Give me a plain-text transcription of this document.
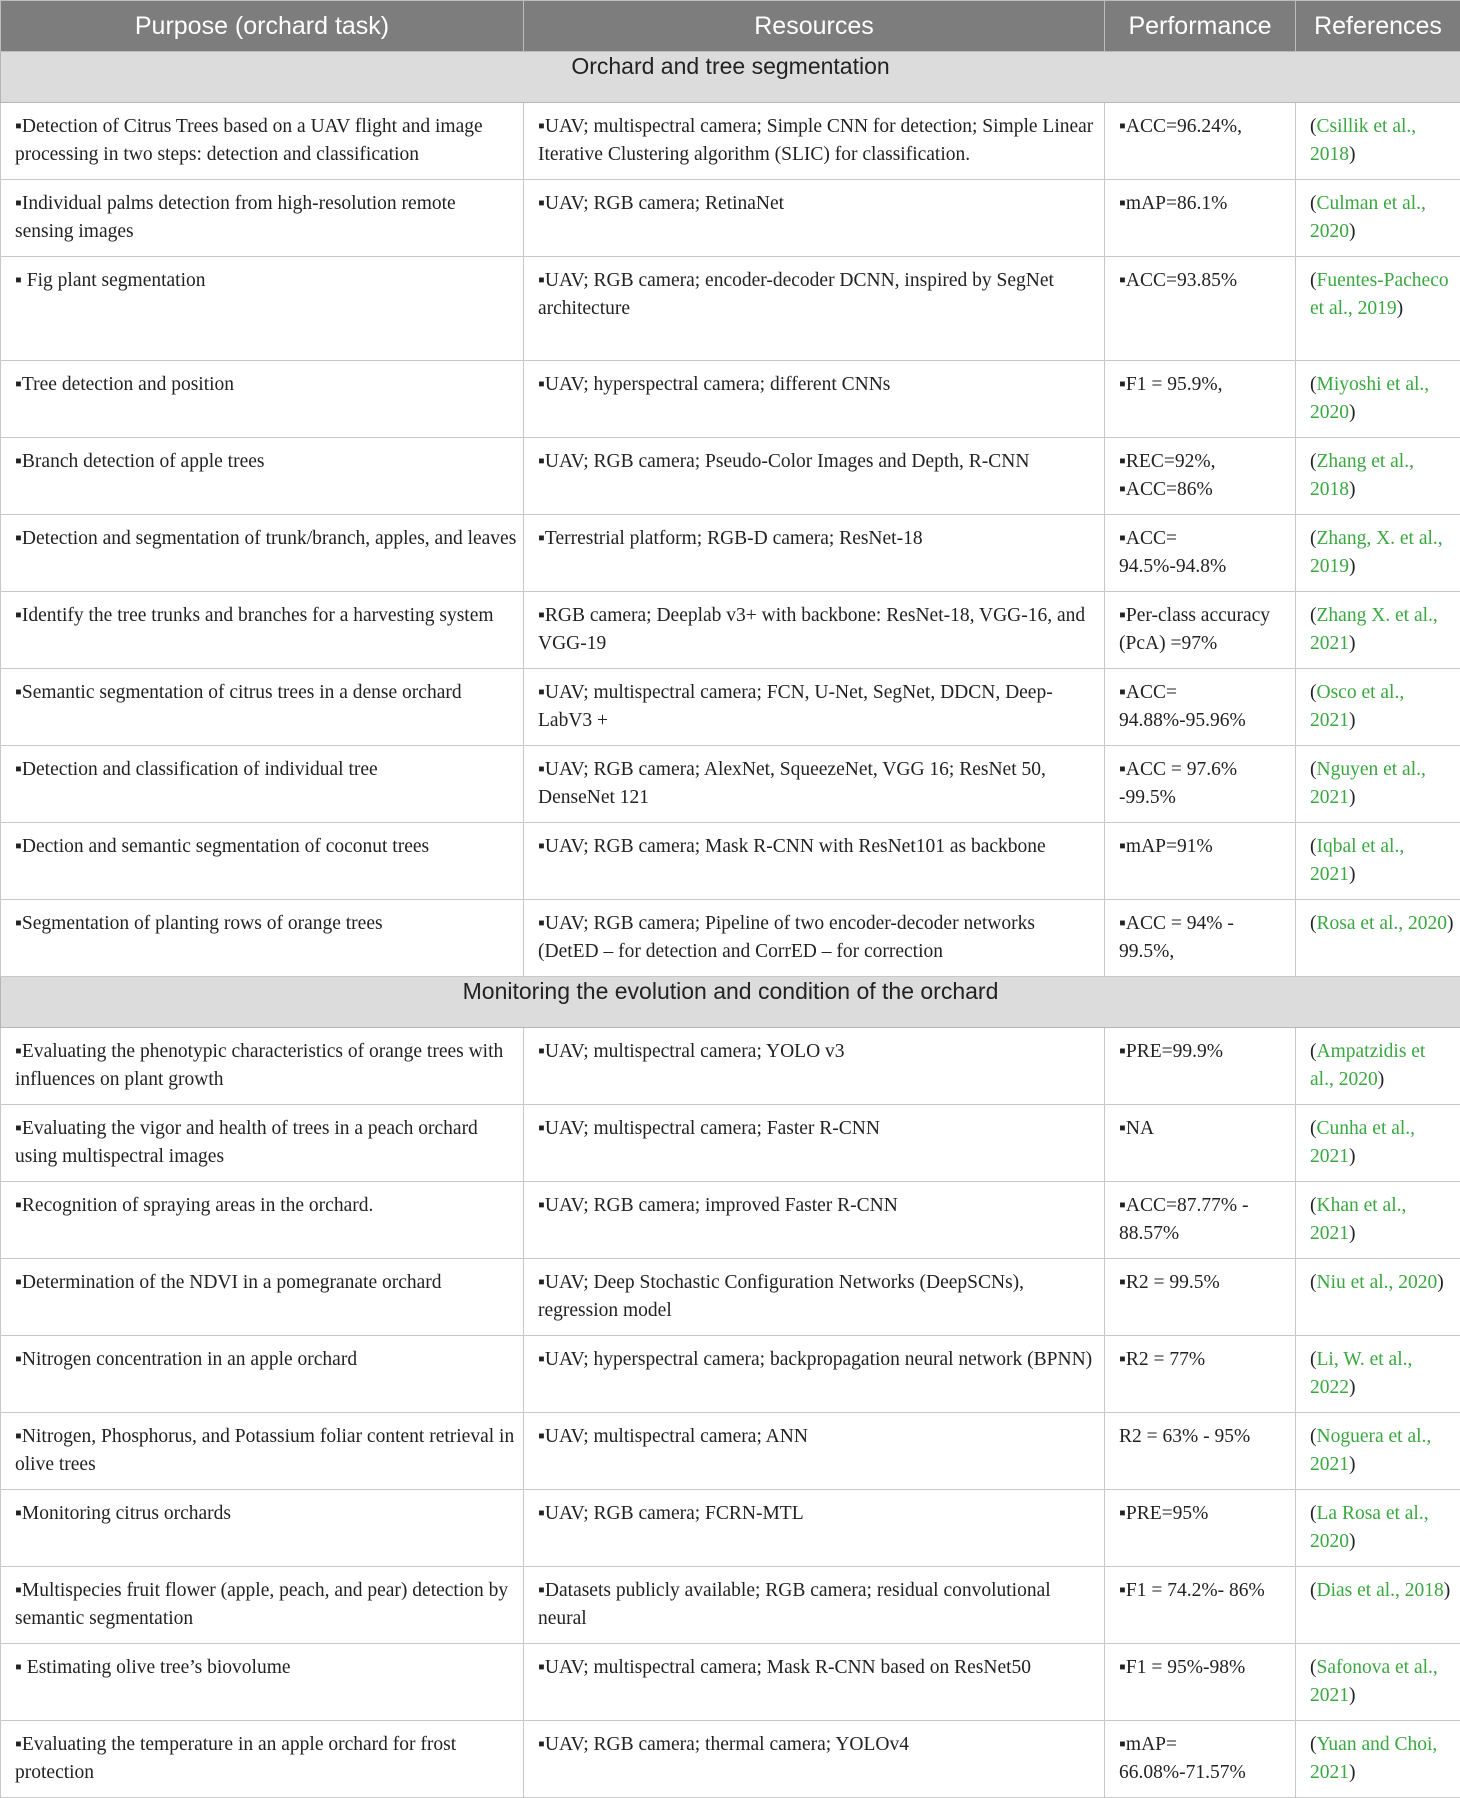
Purpose (orchard task)	Resources	Performance	References
Orchard and tree segmentation			
▪Detection of Citrus Trees based on a UAV flight and image processing in two steps: detection and classification	▪UAV; multispectral camera; Simple CNN for detection; Simple Linear Iterative Clustering algorithm (SLIC) for classification.	▪ACC=96.24%,	(Csillik et al., 2018)
▪Individual palms detection from high-resolution remote sensing images	▪UAV; RGB camera; RetinaNet	▪mAP=86.1%	(Culman et al., 2020)
▪ Fig plant segmentation	▪UAV; RGB camera; encoder-decoder DCNN, inspired by SegNet architecture	▪ACC=93.85%	(Fuentes-Pacheco et al., 2019)
▪Tree detection and position	▪UAV; hyperspectral camera; different CNNs	▪F1 = 95.9%,	(Miyoshi et al., 2020)
▪Branch detection of apple trees	▪UAV; RGB camera; Pseudo-Color Images and Depth, R-CNN	▪REC=92%, ▪ACC=86%	(Zhang et al., 2018)
▪Detection and segmentation of trunk/branch, apples, and leaves	▪Terrestrial platform; RGB-D camera; ResNet-18	▪ACC= 94.5%-94.8%	(Zhang, X. et al., 2019)
▪Identify the tree trunks and branches for a harvesting system	▪RGB camera; Deeplab v3+ with backbone: ResNet-18, VGG-16, and VGG-19	▪Per-class accuracy (PcA) =97%	(Zhang X. et al., 2021)
▪Semantic segmentation of citrus trees in a dense orchard	▪UAV; multispectral camera; FCN, U-Net, SegNet, DDCN, Deep-LabV3 +	▪ACC= 94.88%-95.96%	(Osco et al., 2021)
▪Detection and classification of individual tree	▪UAV; RGB camera; AlexNet, SqueezeNet, VGG 16; ResNet 50, DenseNet 121	▪ACC = 97.6% -99.5%	(Nguyen et al., 2021)
▪Dection and semantic segmentation of coconut trees	▪UAV; RGB camera; Mask R-CNN with ResNet101 as backbone	▪mAP=91%	(Iqbal et al., 2021)
▪Segmentation of planting rows of orange trees	▪UAV; RGB camera; Pipeline of two encoder-decoder networks (DetED – for detection and CorrED – for correction	▪ACC = 94% - 99.5%,	(Rosa et al., 2020)
Monitoring the evolution and condition of the orchard			
▪Evaluating the phenotypic characteristics of orange trees with influences on plant growth	▪UAV; multispectral camera; YOLO v3	▪PRE=99.9%	(Ampatzidis et al., 2020)
▪Evaluating the vigor and health of trees in a peach orchard using multispectral images	▪UAV; multispectral camera; Faster R-CNN	▪NA	(Cunha et al., 2021)
▪Recognition of spraying areas in the orchard.	▪UAV; RGB camera; improved Faster R-CNN	▪ACC=87.77% - 88.57%	(Khan et al., 2021)
▪Determination of the NDVI in a pomegranate orchard	▪UAV; Deep Stochastic Configuration Networks (DeepSCNs), regression model	▪R2 = 99.5%	(Niu et al., 2020)
▪Nitrogen concentration in an apple orchard	▪UAV; hyperspectral camera; backpropagation neural network (BPNN)	▪R2 = 77%	(Li, W. et al., 2022)
▪Nitrogen, Phosphorus, and Potassium foliar content retrieval in olive trees	▪UAV; multispectral camera; ANN	R2 = 63% - 95%	(Noguera et al., 2021)
▪Monitoring citrus orchards	▪UAV; RGB camera; FCRN-MTL	▪PRE=95%	(La Rosa et al., 2020)
▪Multispecies fruit flower (apple, peach, and pear) detection by semantic segmentation	▪Datasets publicly available; RGB camera; residual convolutional neural	▪F1 = 74.2%- 86%	(Dias et al., 2018)
▪ Estimating olive tree’s biovolume	▪UAV; multispectral camera; Mask R-CNN based on ResNet50	▪F1 = 95%-98%	(Safonova et al., 2021)
▪Evaluating the temperature in an apple orchard for frost protection	▪UAV; RGB camera; thermal camera; YOLOv4	▪mAP= 66.08%-71.57%	(Yuan and Choi, 2021)
